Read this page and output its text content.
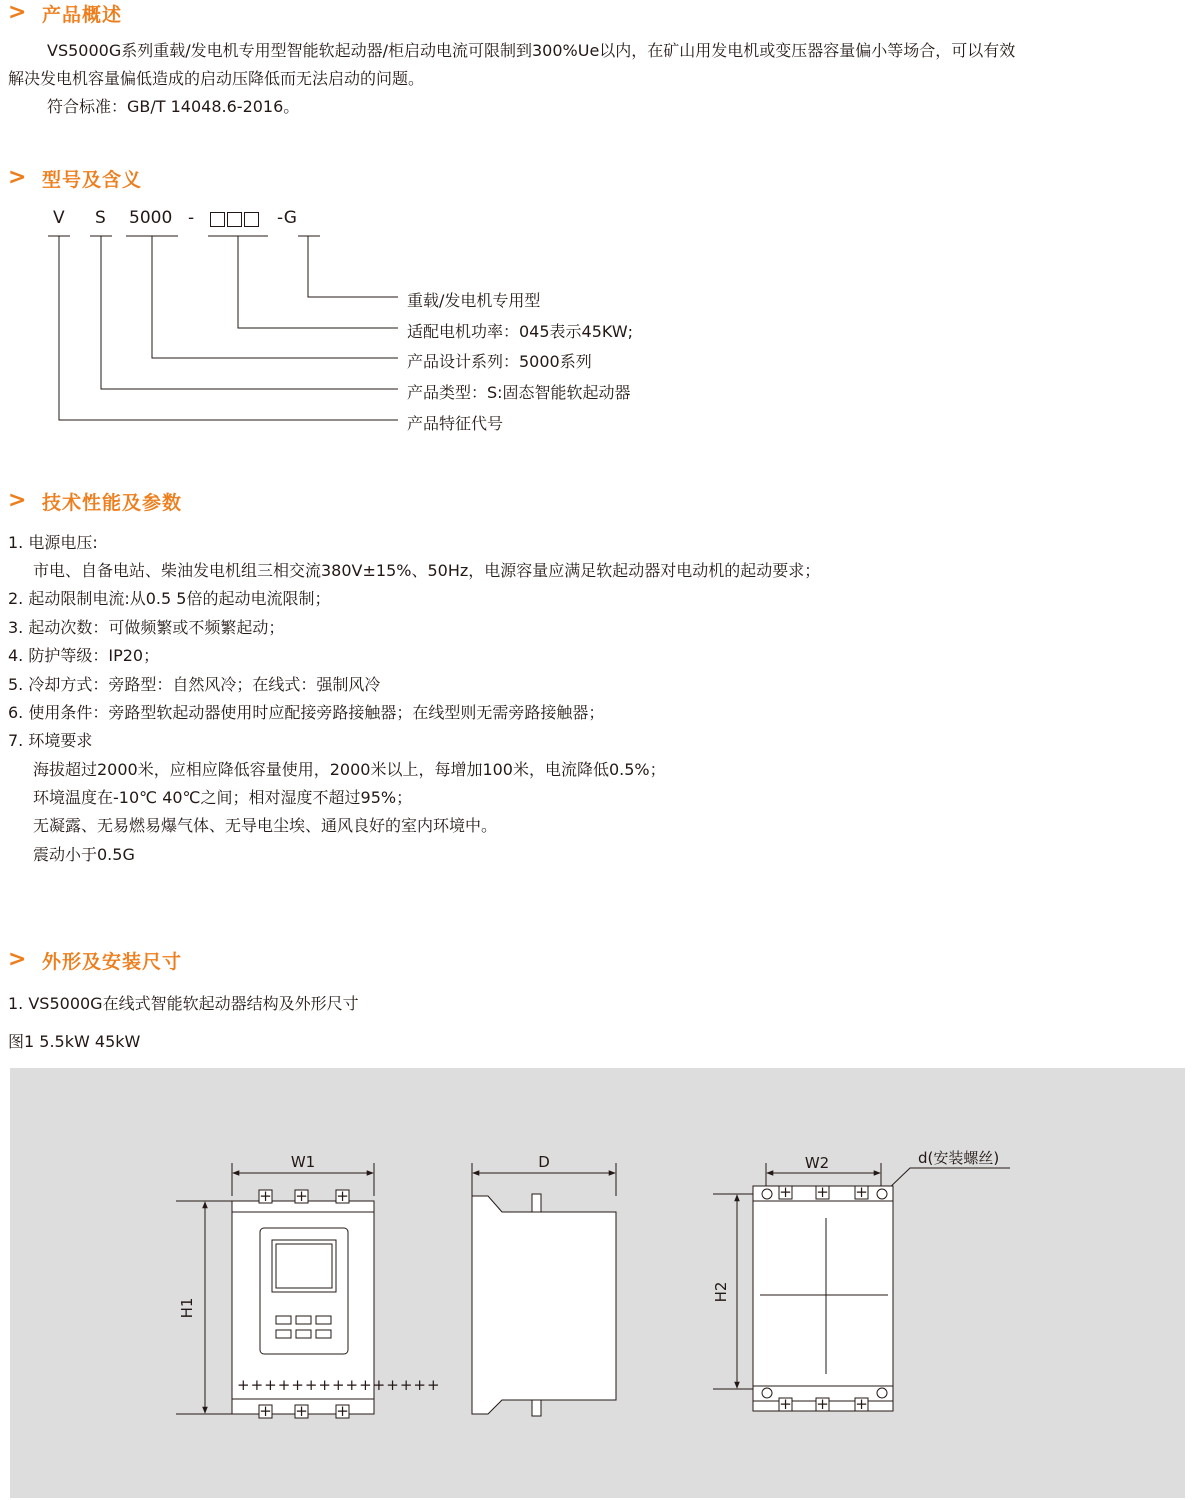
> 产品概述

VS5000G系列重载/发电机专用型智能软起动器/柜启动电流可限制到300%Ue以内，在矿山用发电机或变压器容量偏小等场合，可以有效

解决发电机容量偏低造成的启动压降低而无法启动的问题。

符合标准：GB/T 14048.6-2016。

> 型号及含义
V S 5000 -	-G
重载/发电机专用型
适配电机功率：045表示45KW;
产品设计系列：5000系列
产品类型：S:固态智能软起动器
产品特征代号
> 技术性能及参数
1. 电源电压:
市电、自备电站、柴油发电机组三相交流380V±15%、50Hz，电源容量应满足软起动器对电动机的起动要求；
2. 起动限制电流:从0.5 5倍的起动电流限制；
3. 起动次数：可做频繁或不频繁起动；
4. 防护等级：IP20；
5. 冷却方式：旁路型：自然风冷；在线式：强制风冷
6. 使用条件：旁路型软起动器使用时应配接旁路接触器；在线型则无需旁路接触器；
7. 环境要求
海拔超过2000米，应相应降低容量使用，2000米以上，每增加100米，电流降低0.5%；
环境温度在-10℃ 40℃之间；相对湿度不超过95%；
无凝露、无易燃易爆气体、无导电尘埃、通风良好的室内环境中。
震动小于0.5G
> 外形及安装尺寸
1. VS5000G在线式智能软起动器结构及外形尺寸
图1 5.5kW 45kW
+ + +
+ + +
+ + +
+ + +
+++++++++++++++
W1
H1
D	W2
H2
d(安装螺丝)
